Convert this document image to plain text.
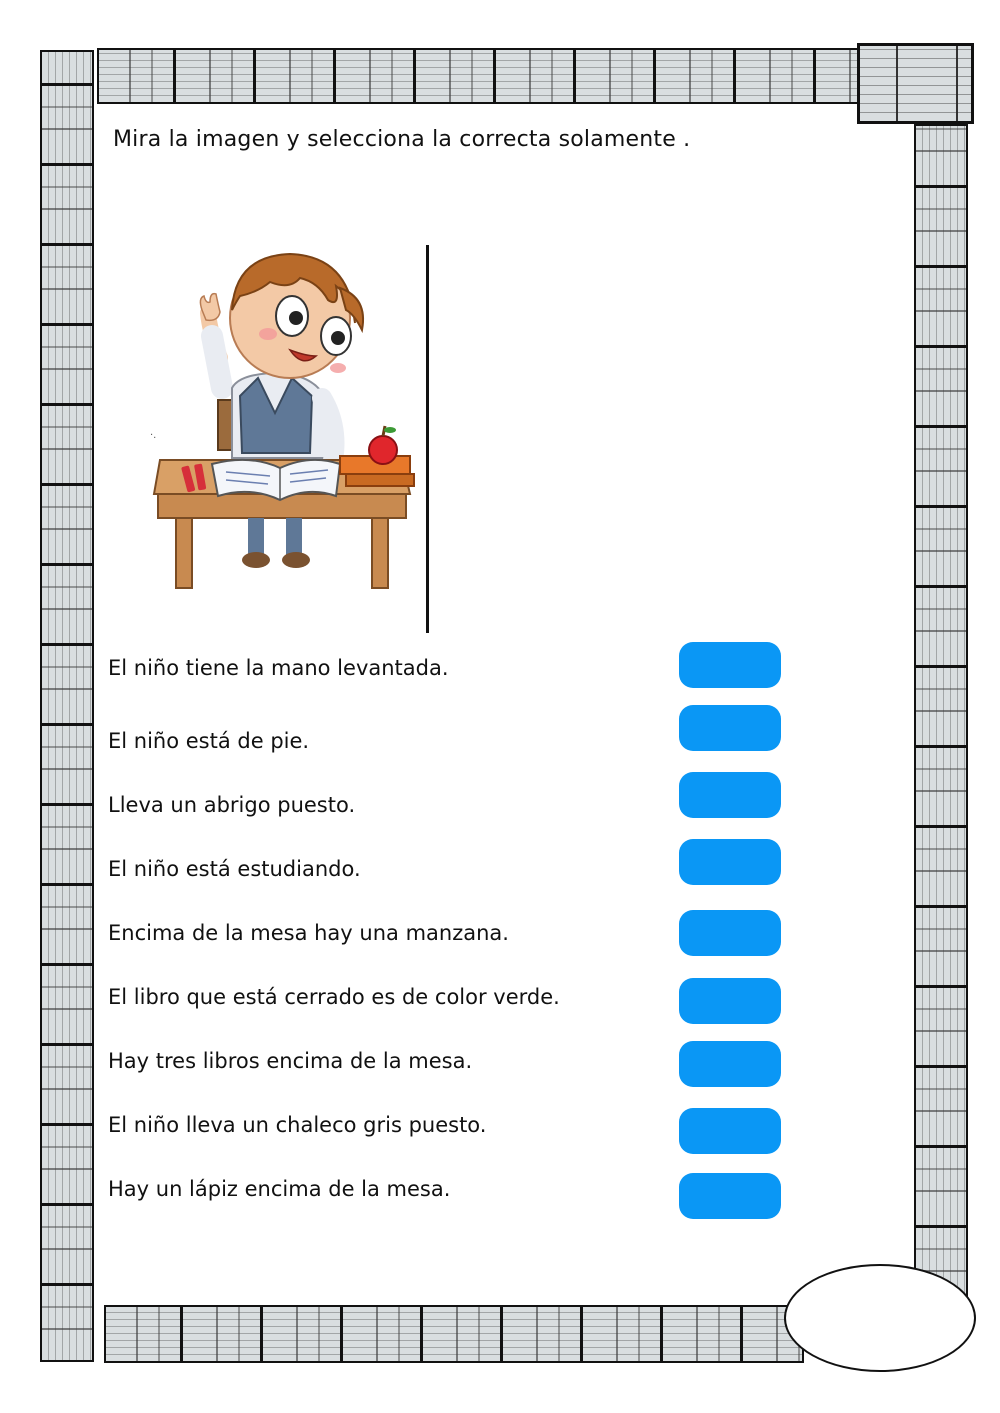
Mira la imagen y selecciona la correcta solamente .
·.
El niño tiene la mano levantada.
El niño está de pie.
Lleva un abrigo puesto.
El niño está estudiando.
Encima de la mesa hay una manzana.
El libro que está cerrado es de color verde.
Hay tres libros encima de la mesa.
El niño lleva un chaleco gris puesto.
Hay un lápiz encima de la mesa.
